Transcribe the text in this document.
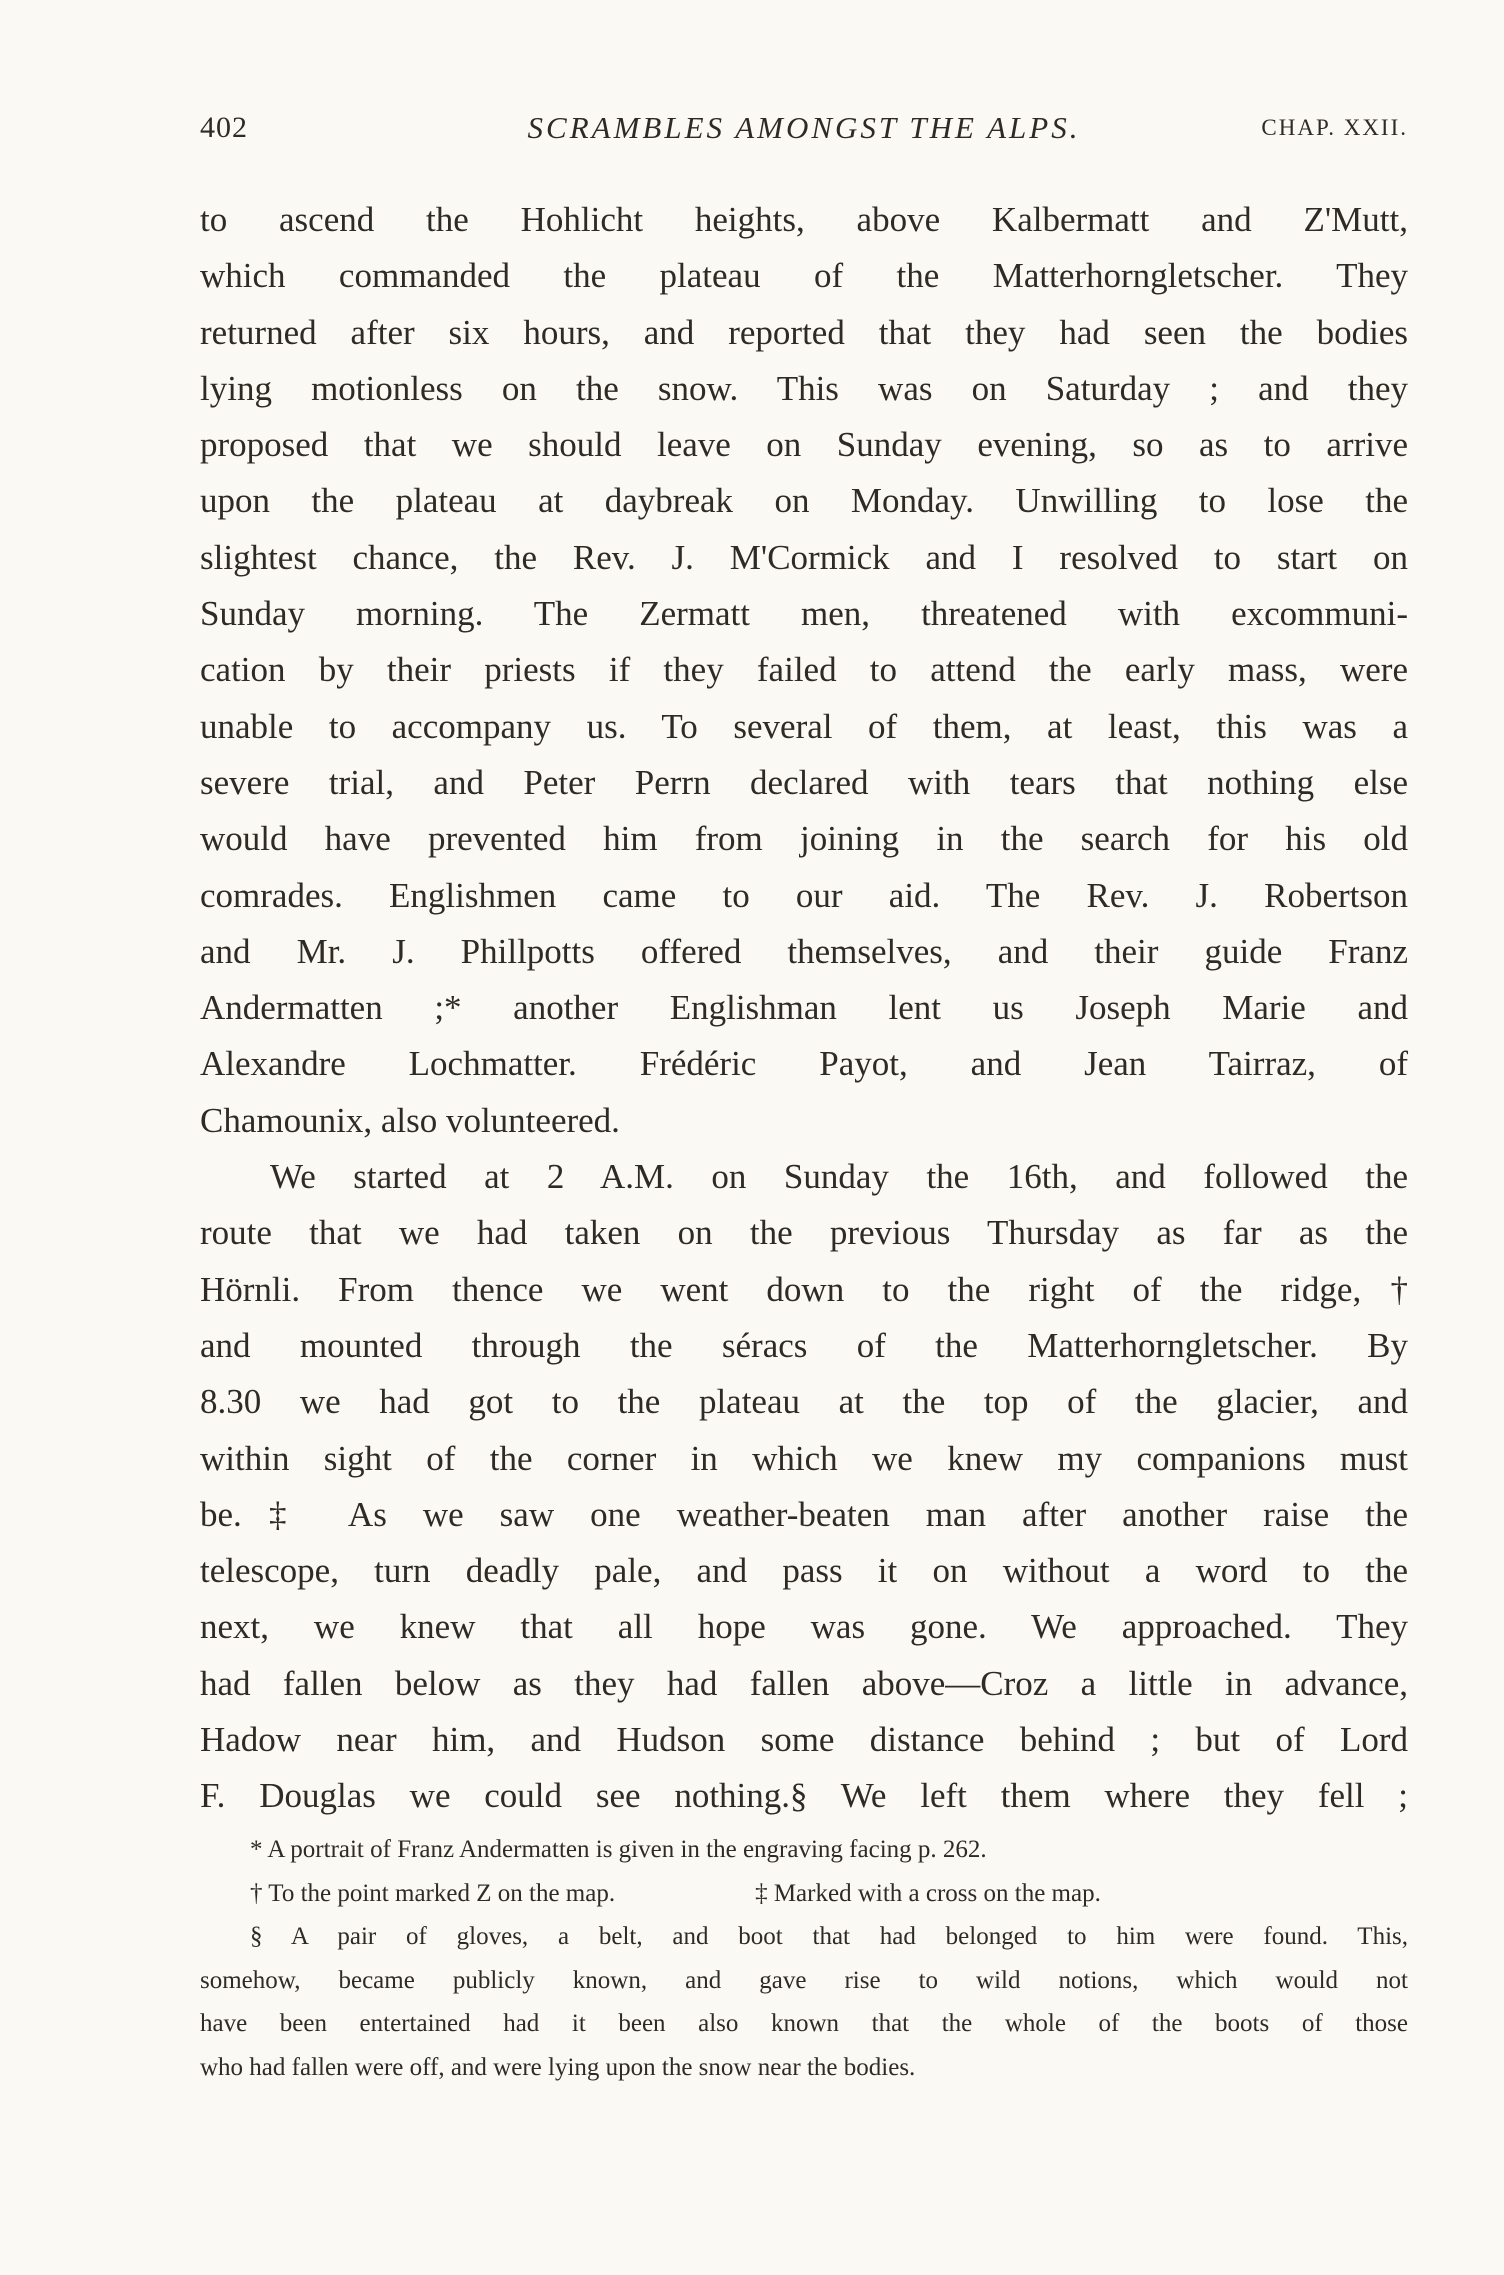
402	SCRAMBLES AMONGST THE ALPS.	CHAP. XXII.
to ascend the Hohlicht heights, above Kalbermatt and Z'Mutt,
which commanded the plateau of the Matterhorngletscher. They
returned after six hours, and reported that they had seen the bodies
lying motionless on the snow. This was on Saturday ; and they
proposed that we should leave on Sunday evening, so as to arrive
upon the plateau at daybreak on Monday. Unwilling to lose the
slightest chance, the Rev. J. M'Cormick and I resolved to start on
Sunday morning. The Zermatt men, threatened with excommuni-
cation by their priests if they failed to attend the early mass, were
unable to accompany us. To several of them, at least, this was a
severe trial, and Peter Perrn declared with tears that nothing else
would have prevented him from joining in the search for his old
comrades. Englishmen came to our aid. The Rev. J. Robertson
and Mr. J. Phillpotts offered themselves, and their guide Franz
Andermatten ;* another Englishman lent us Joseph Marie and
Alexandre Lochmatter. Frédéric Payot, and Jean Tairraz, of
Chamounix, also volunteered.
We started at 2 A.M. on Sunday the 16th, and followed the
route that we had taken on the previous Thursday as far as the
Hörnli. From thence we went down to the right of the ridge,†
and mounted through the séracs of the Matterhorngletscher. By
8.30 we had got to the plateau at the top of the glacier, and
within sight of the corner in which we knew my companions must
be.‡ As we saw one weather-beaten man after another raise the
telescope, turn deadly pale, and pass it on without a word to the
next, we knew that all hope was gone. We approached. They
had fallen below as they had fallen above—Croz a little in advance,
Hadow near him, and Hudson some distance behind ; but of Lord
F. Douglas we could see nothing.§ We left them where they fell ;
* A portrait of Franz Andermatten is given in the engraving facing p. 262.
† To the point marked Z on the map.	‡ Marked with a cross on the map.
§ A pair of gloves, a belt, and boot that had belonged to him were found. This,
somehow, became publicly known, and gave rise to wild notions, which would not
have been entertained had it been also known that the whole of the boots of those
who had fallen were off, and were lying upon the snow near the bodies.
